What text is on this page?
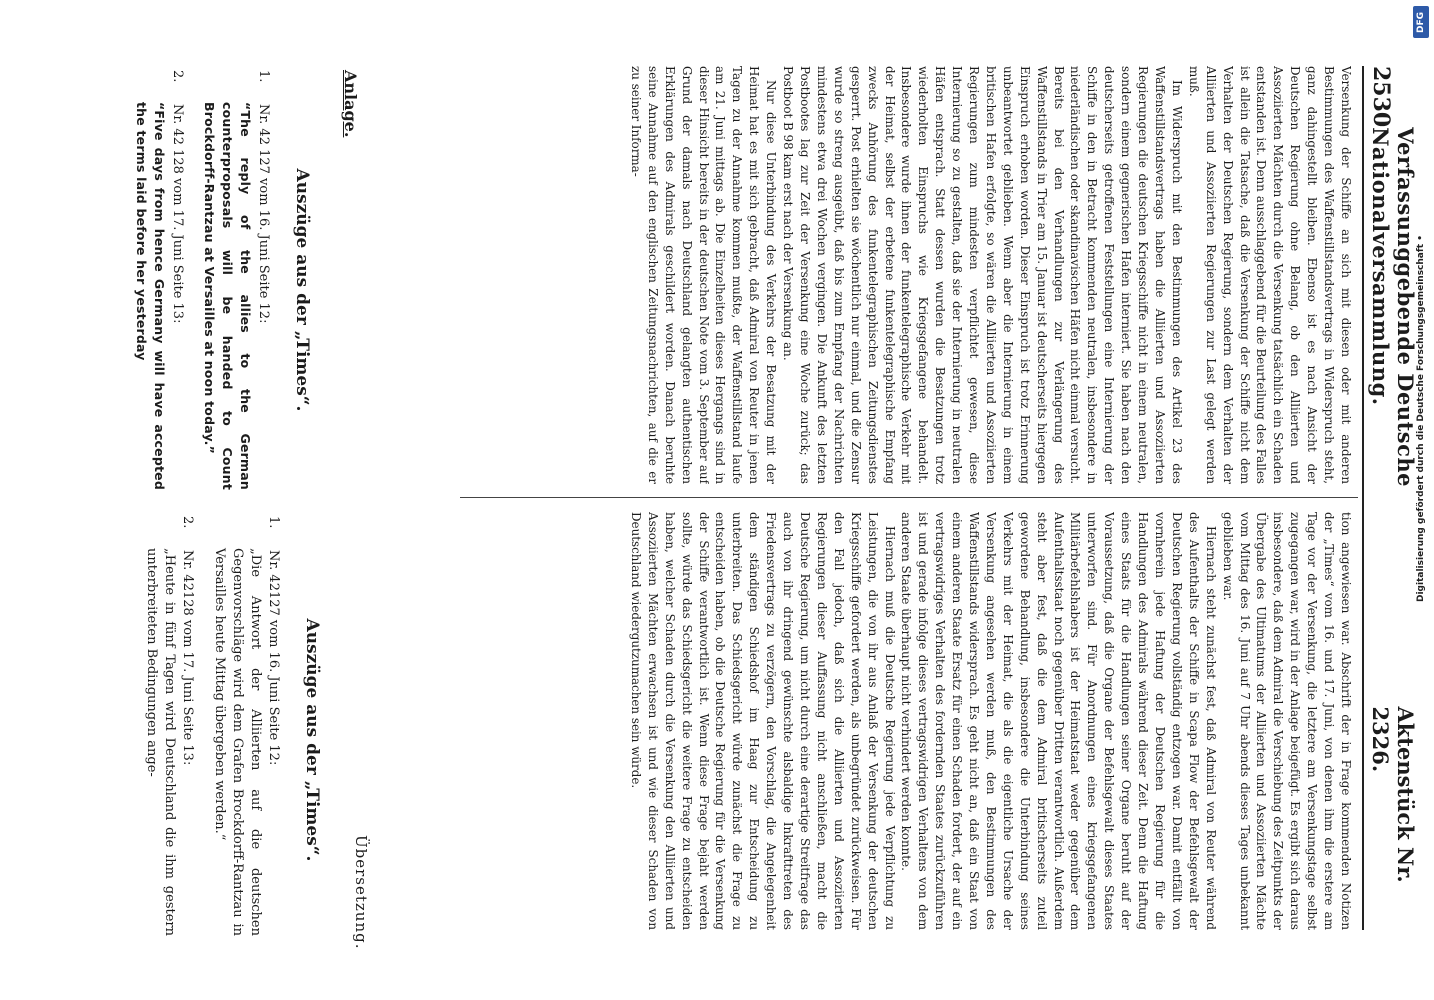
2530
Verfassunggebende Deutsche Nationalversammlung.
Aktenstück Nr. 2326.

Versenkung der Schiffe an sich mit diesen oder mit anderen Bestimmungen des Waffenstillstandsvertrags in Widerspruch steht, ganz dahingestellt bleiben. Ebenso ist es nach Ansicht der Deutschen Regierung ohne Belang, ob den Alliierten und Assoziierten Mächten durch die Versenkung tatsächlich ein Schaden entstanden ist. Denn ausschlaggebend für die Beurteilung des Falles ist allein die Tatsache, daß die Versenkung der Schiffe nicht dem Verhalten der Deutschen Regierung, sondern dem Verhalten der Alliierten und Assoziierten Regierungen zur Last gelegt werden muß.

Im Widerspruch mit den Bestimmungen des Artikel 23 des Waffenstillstandsvertrags haben die Alliierten und Assoziierten Regierungen die deutschen Kriegsschiffe nicht in einem neutralen, sondern einem gegnerischen Hafen interniert. Sie haben nach den deutscherseits getroffenen Feststellungen eine Internierung der Schiffe in den in Betracht kommenden neutralen, insbesondere in niederländischen oder skandinavischen Häfen nicht einmal versucht. Bereits bei den Verhandlungen zur Verlängerung des Waffenstillstands in Trier am 15. Januar ist deutscherseits hiergegen Einspruch erhoben worden. Dieser Einspruch ist trotz Erinnerung unbeantwortet geblieben. Wenn aber die Internierung in einem britischen Hafen erfolgte, so wären die Alliierten und Assoziierten Regierungen zum mindesten verpflichtet gewesen, diese Internierung so zu gestalten, daß sie der Internierung in neutralen Häfen entsprach. Statt dessen wurden die Besatzungen trotz wiederholten Einspruchs wie Kriegsgefangene behandelt. Insbesondere wurde ihnen der funkentelegraphische Verkehr mit der Heimat, selbst der erbetene funkentelegraphische Empfang zwecks Anhörung des funkentelegraphischen Zeitungsdienstes gesperrt. Post erhielten sie wöchentlich nur einmal, und die Zensur wurde so streng ausgeübt, daß bis zum Empfang der Nachrichten mindestens etwa drei Wochen vergingen. Die Ankunft des letzten Postbootes lag zur Zeit der Versenkung eine Woche zurück; das Postboot B 98 kam erst nach der Versenkung an.

Nur diese Unterbindung des Verkehrs der Besatzung mit der Heimat hat es mit sich gebracht, daß Admiral von Reuter in jenen Tagen zu der Annahme kommen mußte, der Waffenstillstand laufe am 21. Juni mittags ab. Die Einzelheiten dieses Hergangs sind in dieser Hinsicht bereits in der deutschen Note vom 3. September auf Grund der damals nach Deutschland gelangten authentischen Erklärungen des Admirals geschildert worden. Danach beruhte seine Annahme auf den englischen Zeitungsnachrichten, auf die er zu seiner Informa-

tion angewiesen war. Abschrift der in Frage kommenden Notizen der „Times“ vom 16. und 17. Juni, von denen ihm die erstere am Tage vor der Versenkung, die letztere am Versenkungstage selbst zugegangen war, wird in der Anlage beigefügt. Es ergibt sich daraus insbesondere, daß dem Admiral die Verschiebung des Zeitpunkts der Übergabe des Ultimatums der Alliierten und Assoziierten Mächte vom Mittag des 16. Juni auf 7 Uhr abends dieses Tages unbekannt geblieben war.

Hiernach steht zunächst fest, daß Admiral von Reuter während des Aufenthalts der Schiffe in Scapa Flow der Befehlsgewalt der Deutschen Regierung vollständig entzogen war. Damit entfällt von vornherein jede Haftung der Deutschen Regierung für die Handlungen des Admirals während dieser Zeit. Denn die Haftung eines Staats für die Handlungen seiner Organe beruht auf der Voraussetzung, daß die Organe der Befehlsgewalt dieses Staates unterworfen sind. Für Anordnungen eines kriegsgefangenen Militärbefehlshabers ist der Heimatstaat weder gegenüber dem Aufenthaltsstaat noch gegenüber Dritten verantwortlich. Außerdem steht aber fest, daß die dem Admiral britischerseits zuteil gewordene Behandlung, insbesondere die Unterbindung seines Verkehrs mit der Heimat, die als die eigentliche Ursache der Versenkung angesehen werden muß, den Bestimmungen des Waffenstillstands widersprach. Es geht nicht an, daß ein Staat von einem anderen Staate Ersatz für einen Schaden fordert, der auf ein vertragswidriges Verhalten des fordernden Staates zurückzuführen ist und gerade infolge dieses vertragswidrigen Verhaltens von dem anderen Staate überhaupt nicht verhindert werden konnte.

Hiernach muß die Deutsche Regierung jede Verpflichtung zu Leistungen, die von ihr aus Anlaß der Versenkung der deutschen Kriegsschiffe gefordert werden, als unbegründet zurückweisen. Für den Fall jedoch, daß sich die Alliierten und Assoziierten Regierungen dieser Auffassung nicht anschließen, macht die Deutsche Regierung, um nicht durch eine derartige Streitfrage das auch von ihr dringend gewünschte alsbaldige Inkrafttreten des Friedensvertrags zu verzögern, den Vorschlag, die Angelegenheit dem ständigen Schiedshof im Haag zur Entscheidung zu unterbreiten. Das Schiedsgericht würde zunächst die Frage zu entscheiden haben, ob die Deutsche Regierung für die Versenkung der Schiffe verantwortlich ist. Wenn diese Frage bejaht werden sollte, würde das Schiedsgericht die weitere Frage zu entscheiden haben, welcher Schaden durch die Versenkung den Alliierten und Assoziierten Mächten erwachsen ist und wie dieser Schaden von Deutschland wiedergutzumachen sein würde.

Anlage.
Übersetzung.
Auszüge aus der „Times“.
Auszüge aus der „Times“.
1.
Nr. 42 127 vom 16. Juni Seite 12:
“The reply of the allies to the German counterproposals will be handed to Count Brockdorff-Rantzau at Versailles at noon today.”
2.
Nr. 42 128 vom 17. Juni Seite 13:
“Five days from hence Germany will have accepted the terms laid before her yesterday
1.
Nr. 42127 vom 16. Juni Seite 12:
„Die Antwort der Alliierten auf die deutschen Gegenvorschläge wird dem Grafen Brockdorff-Rantzau in Versailles heute Mittag übergeben werden.“
2.
Nr. 42128 vom 17. Juni Seite 13:
„Heute in fünf Tagen wird Deutschland die ihm gestern unterbreiteten Bedingungen ange-
DFG
Digitalisierung gefördert durch die Deutsche Forschungsgemeinschaft •
